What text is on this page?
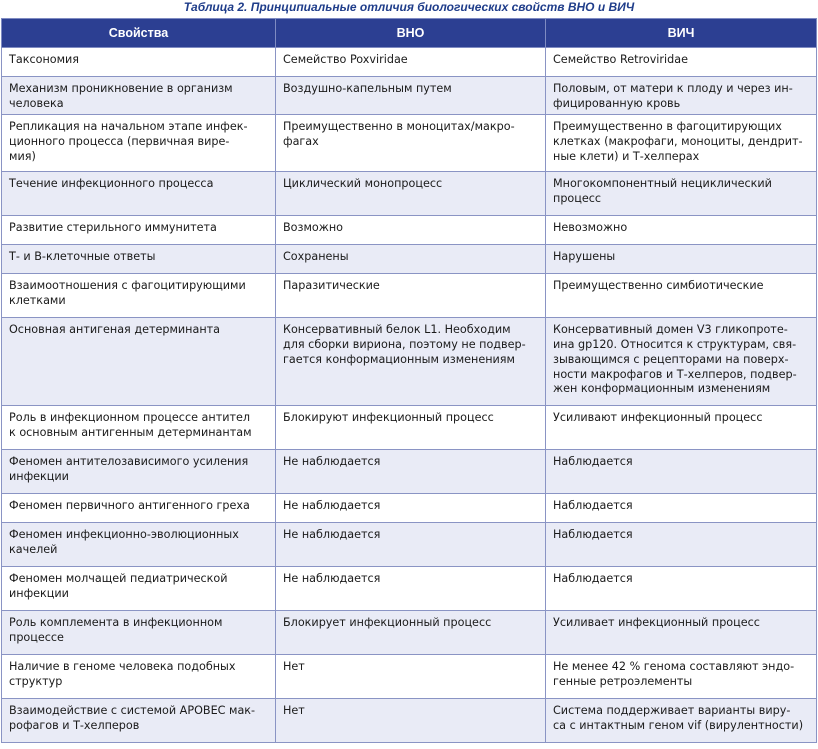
Таблица 2. Принципиальные отличия биологических свойств ВНО и ВИЧ
Свойства	ВНО	ВИЧ

Таксономия	Семейство Poxviridae	Семейство Retroviridae

Механизм проникновение в организм
человека	Воздушно-капельным путем	Половым, от матери к плоду и через ин-
фицированную кровь

Репликация на начальном этапе инфек-
ционного процесса (первичная вире-
мия)	Преимущественно в моноцитах/макро-
фагах	Преимущественно в фагоцитирующих
клетках (макрофаги, моноциты, дендрит-
ные клети) и Т-хелперах

Течение инфекционного процесса	Циклический монопроцесс	Многокомпонентный нециклический
процесс

Развитие стерильного иммунитета	Возможно	Невозможно

Т- и В-клеточные ответы	Сохранены	Нарушены

Взаимоотношения с фагоцитирующими
клетками	Паразитические	Преимущественно симбиотические

Основная антигеная детерминанта	Консервативный белок L1. Необходим
для сборки вириона, поэтому не подвер-
гается конформационным изменениям	Консервативный домен V3 гликопроте-
ина gp120. Относится к структурам, свя-
зывающимся с рецепторами на поверх-
ности макрофагов и Т-хелперов, подвер-
жен конформационным изменениям

Роль в инфекционном процессе антител
к основным антигенным детерминантам	Блокируют инфекционный процесс	Усиливают инфекционный процесс

Феномен антителозависимого усиления
инфекции	Не наблюдается	Наблюдается

Феномен первичного антигенного греха	Не наблюдается	Наблюдается

Феномен инфекционно-эволюционных
качелей	Не наблюдается	Наблюдается

Феномен молчащей педиатрической
инфекции	Не наблюдается	Наблюдается

Роль комплемента в инфекционном
процессе	Блокирует инфекционный процесс	Усиливает инфекционный процесс

Наличие в геноме человека подобных
структур	Нет	Не менее 42 % генома составляют эндо-
генные ретроэлементы

Взаимодействие с системой APOBEC мак-
рофагов и Т-хелперов	Нет	Система поддерживает варианты виру-
са с интактным геном vif (вирулентности)
